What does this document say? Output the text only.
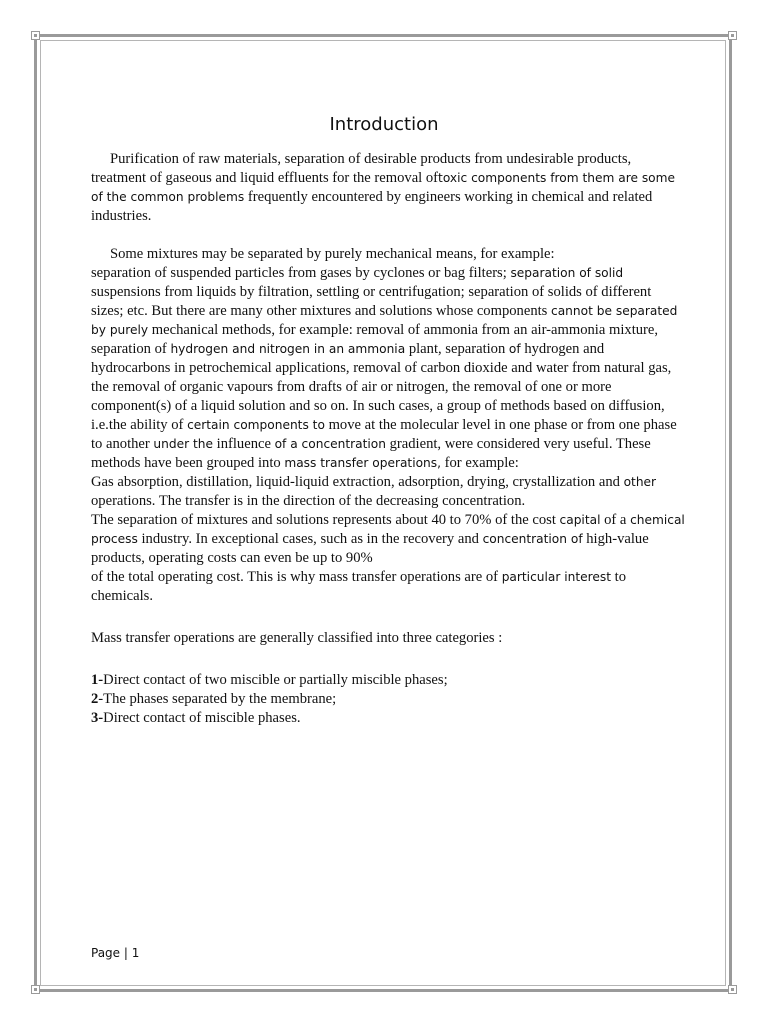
Introduction

Purification of raw materials, separation of desirable products from undesirable products, treatment of gaseous and liquid effluents for the removal oftoxic components from them are some of the common problems frequently encountered by engineers working in chemical and related industries.

Some mixtures may be separated by purely mechanical means, for example:

separation of suspended particles from gases by cyclones or bag filters; separation of solid suspensions from liquids by filtration, settling or centrifugation; separation of solids of different sizes; etc. But there are many other mixtures and solutions whose components cannot be separated by purely mechanical methods, for example: removal of ammonia from an air-ammonia mixture, separation of hydrogen and nitrogen in an ammonia plant, separation of hydrogen and hydrocarbons in petrochemical applications, removal of carbon dioxide and water from natural gas, the removal of organic vapours from drafts of air or nitrogen, the removal of one or more component(s) of a liquid solution and so on. In such cases, a group of methods based on diffusion, i.e.the ability of certain components to move at the molecular level in one phase or from one phase to another under the influence of a concentration gradient, were considered very useful. These methods have been grouped into mass transfer operations, for example:

Gas absorption, distillation, liquid-liquid extraction, adsorption, drying, crystallization and other operations. The transfer is in the direction of the decreasing concentration.

The separation of mixtures and solutions represents about 40 to 70% of the cost capital of a chemical process industry. In exceptional cases, such as in the recovery and concentration of high-value products, operating costs can even be up to 90%

of the total operating cost. This is why mass transfer operations are of particular interest to chemicals.

Mass transfer operations are generally classified into three categories :

1-Direct contact of two miscible or partially miscible phases;

2-The phases separated by the membrane;

3-Direct contact of miscible phases.

Page | 1
